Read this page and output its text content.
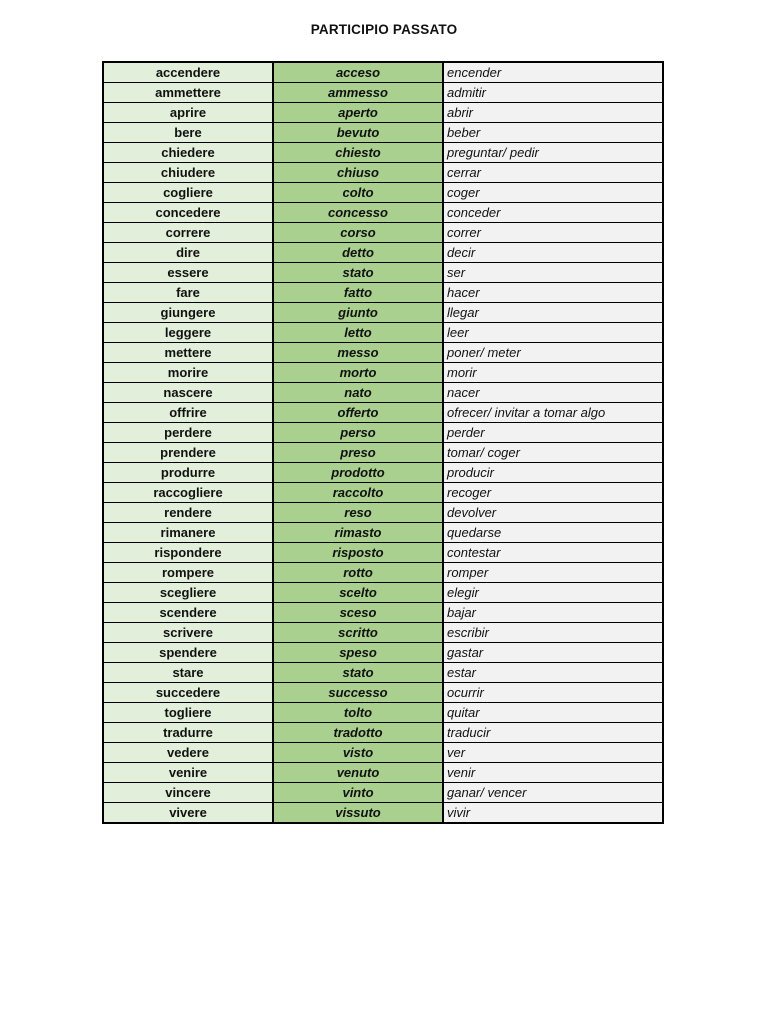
PARTICIPIO PASSATO
accendere	acceso	encender
ammettere	ammesso	admitir
aprire	aperto	abrir
bere	bevuto	beber
chiedere	chiesto	preguntar/ pedir
chiudere	chiuso	cerrar
cogliere	colto	coger
concedere	concesso	conceder
correre	corso	correr
dire	detto	decir
essere	stato	ser
fare	fatto	hacer
giungere	giunto	llegar
leggere	letto	leer
mettere	messo	poner/ meter
morire	morto	morir
nascere	nato	nacer
offrire	offerto	ofrecer/ invitar a tomar algo
perdere	perso	perder
prendere	preso	tomar/ coger
produrre	prodotto	producir
raccogliere	raccolto	recoger
rendere	reso	devolver
rimanere	rimasto	quedarse
rispondere	risposto	contestar
rompere	rotto	romper
scegliere	scelto	elegir
scendere	sceso	bajar
scrivere	scritto	escribir
spendere	speso	gastar
stare	stato	estar
succedere	successo	ocurrir
togliere	tolto	quitar
tradurre	tradotto	traducir
vedere	visto	ver
venire	venuto	venir
vincere	vinto	ganar/ vencer
vivere	vissuto	vivir
